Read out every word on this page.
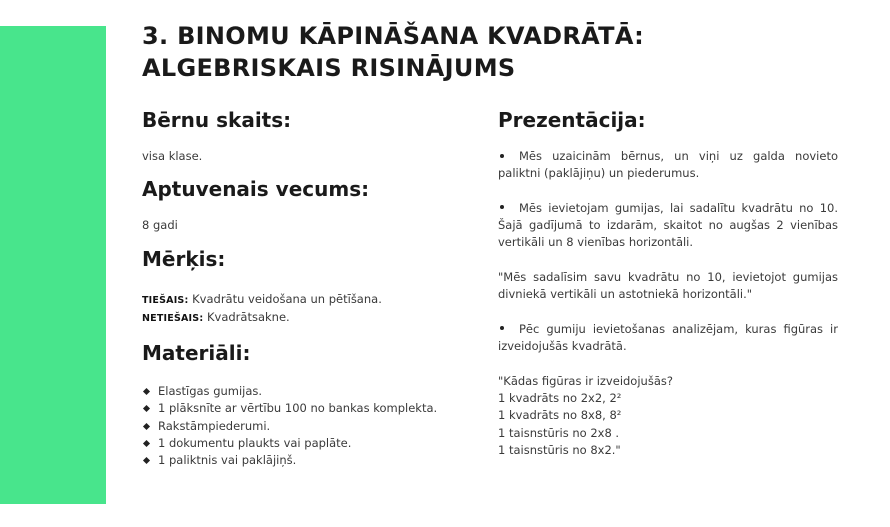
3. BINOMU KĀPINĀŠANA KVADRĀTĀ:
ALGEBRISKAIS RISINĀJUMS
Bērnu skaits:

visa klase.

Aptuvenais vecums:

8 gadi

Mērķis:

TIEŠAIS: Kvadrātu veidošana un pētīšana.

NETIEŠAIS: Kvadrātsakne.

Materiāli:
Elastīgas gumijas.
1 plāksnīte ar vērtību 100 no bankas komplekta.
Rakstāmpiederumi.
1 dokumentu plaukts vai paplāte.
1 paliktnis vai paklājiņš.
Prezentācija:

Mēs uzaicinām bērnus, un viņi uz galda novieto paliktni (paklājiņu) un piederumus.

Mēs ievietojam gumijas, lai sadalītu kvadrātu no 10. Šajā gadījumā to izdarām, skaitot no augšas 2 vienības vertikāli un 8 vienības horizontāli.

"Mēs sadalīsim savu kvadrātu no 10, ievietojot gumijas divniekā vertikāli un astotniekā horizontāli."

Pēc gumiju ievietošanas analizējam, kuras figūras ir izveidojušās kvadrātā.

"Kādas figūras ir izveidojušās?

1 kvadrāts no 2x2, 2²

1 kvadrāts no 8x8, 8²

1 taisnstūris no 2x8 .

1 taisnstūris no 8x2."
